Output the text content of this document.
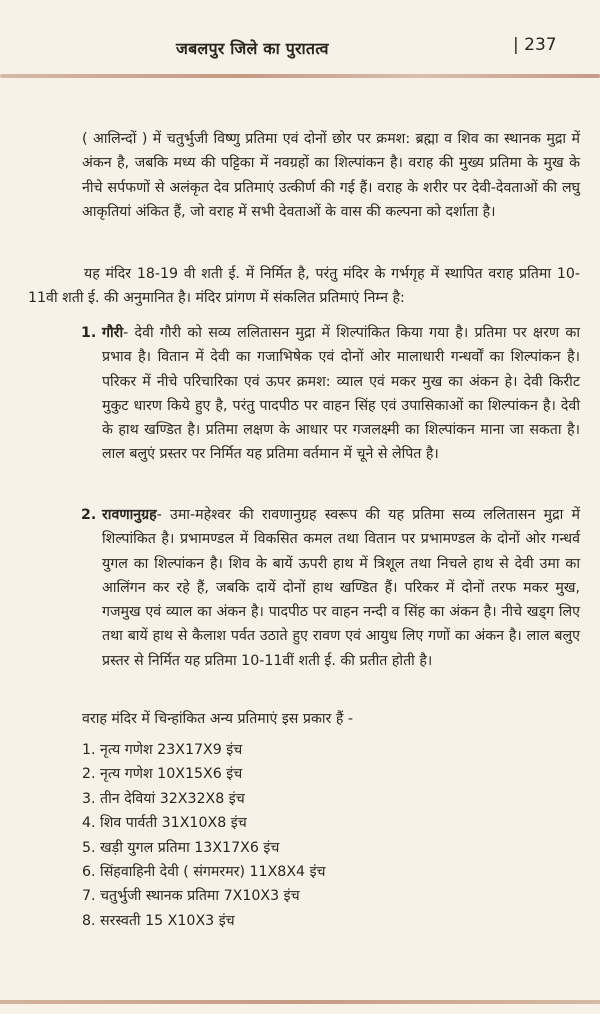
जबलपुर जिले का पुरातत्व	| 237

( आलिन्दों ) में चतुर्भुजी विष्णु प्रतिमा एवं दोनों छोर पर क्रमश: ब्रह्मा व शिव का स्थानक मुद्रा में अंकन है, जबकि मध्य की पट्टिका में नवग्रहों का शिल्पांकन है। वराह की मुख्य प्रतिमा के मुख के नीचे सर्पफणों से अलंकृत देव प्रतिमाएं उत्कीर्ण की गई हैं। वराह के शरीर पर देवी-देवताओं की लघु आकृतियां अंकित हैं, जो वराह में सभी देवताओं के वास की कल्पना को दर्शाता है।

यह मंदिर 18-19 वी शती ई. में निर्मित है, परंतु मंदिर के गर्भगृह में स्थापित वराह प्रतिमा 10-11वी शती ई. की अनुमानित है। मंदिर प्रांगण में संकलित प्रतिमाएं निम्न है:

1. गौरी- देवी गौरी को सव्य ललितासन मुद्रा में शिल्पांकित किया गया है। प्रतिमा पर क्षरण का प्रभाव है। वितान में देवी का गजाभिषेक एवं दोनों ओर मालाधारी गन्धर्वों का शिल्पांकन है। परिकर में नीचे परिचारिका एवं ऊपर क्रमश: व्याल एवं मकर मुख का अंकन हे। देवी किरीट मुकुट धारण किये हुए है, परंतु पादपीठ पर वाहन सिंह एवं उपासिकाओं का शिल्पांकन है। देवी के हाथ खण्डित है। प्रतिमा लक्षण के आधार पर गजलक्ष्मी का शिल्पांकन माना जा सकता है। लाल बलुएं प्रस्तर पर निर्मित यह प्रतिमा वर्तमान में चूने से लेपित है।
2. रावणानुग्रह- उमा-महेश्वर की रावणानुग्रह स्वरूप की यह प्रतिमा सव्य ललितासन मुद्रा में शिल्पांकित है। प्रभामण्डल में विकसित कमल तथा वितान पर प्रभामण्डल के दोनों ओर गन्धर्व युगल का शिल्पांकन है। शिव के बायें ऊपरी हाथ में त्रिशूल तथा निचले हाथ से देवी उमा का आलिंगन कर रहे हैं, जबकि दायें दोनों हाथ खण्डित हैं। परिकर में दोनों तरफ मकर मुख, गजमुख एवं व्याल का अंकन है। पादपीठ पर वाहन नन्दी व सिंह का अंकन है। नीचे खड्ग लिए तथा बायें हाथ से कैलाश पर्वत उठाते हुए रावण एवं आयुध लिए गणों का अंकन है। लाल बलुए प्रस्तर से निर्मित यह प्रतिमा 10-11वीं शती ई. की प्रतीत होती है।

वराह मंदिर में चिन्हांकित अन्य प्रतिमाएं इस प्रकार हैं -

1. नृत्य गणेश 23X17X9 इंच
2. नृत्य गणेश 10X15X6 इंच
3. तीन देवियां 32X32X8 इंच
4. शिव पार्वती 31X10X8 इंच
5. खड़ी युगल प्रतिमा 13X17X6 इंच
6. सिंहवाहिनी देवी ( संगमरमर) 11X8X4 इंच
7. चतुर्भुजी स्थानक प्रतिमा 7X10X3 इंच
8. सरस्वती 15 X10X3 इंच
